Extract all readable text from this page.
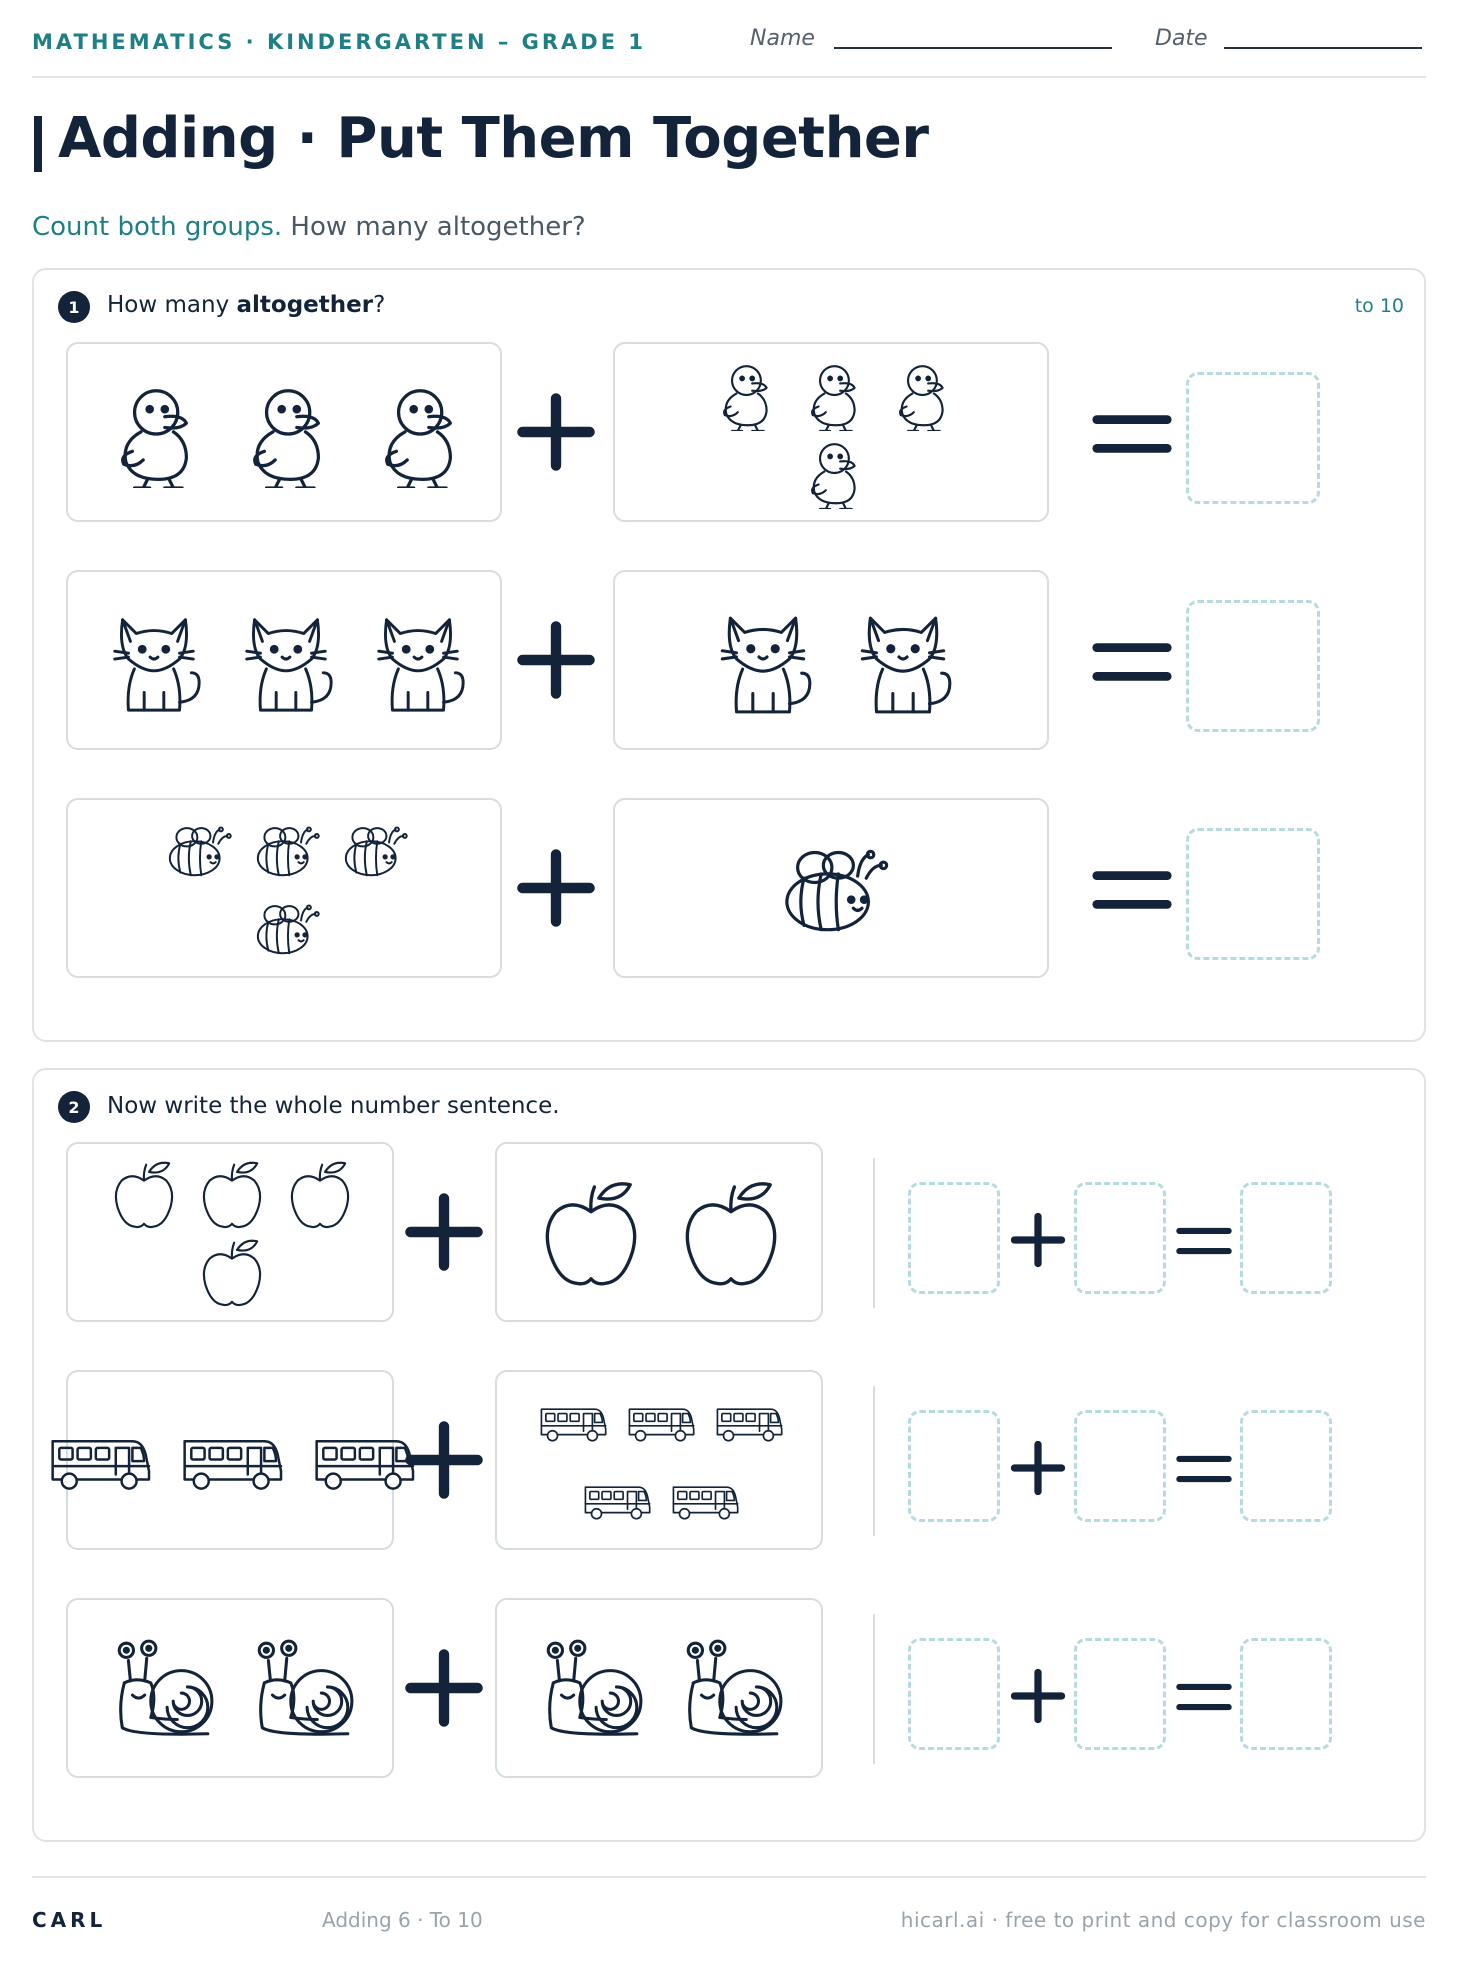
MATHEMATICS · KINDERGARTEN – GRADE 1	Name	Date
Adding · Put Them Together
Count both groups. How many altogether?
1	How many altogether?	to 10
2	Now write the whole number sentence.
CARL	Adding 6 · To 10	hicarl.ai · free to print and copy for classroom use
